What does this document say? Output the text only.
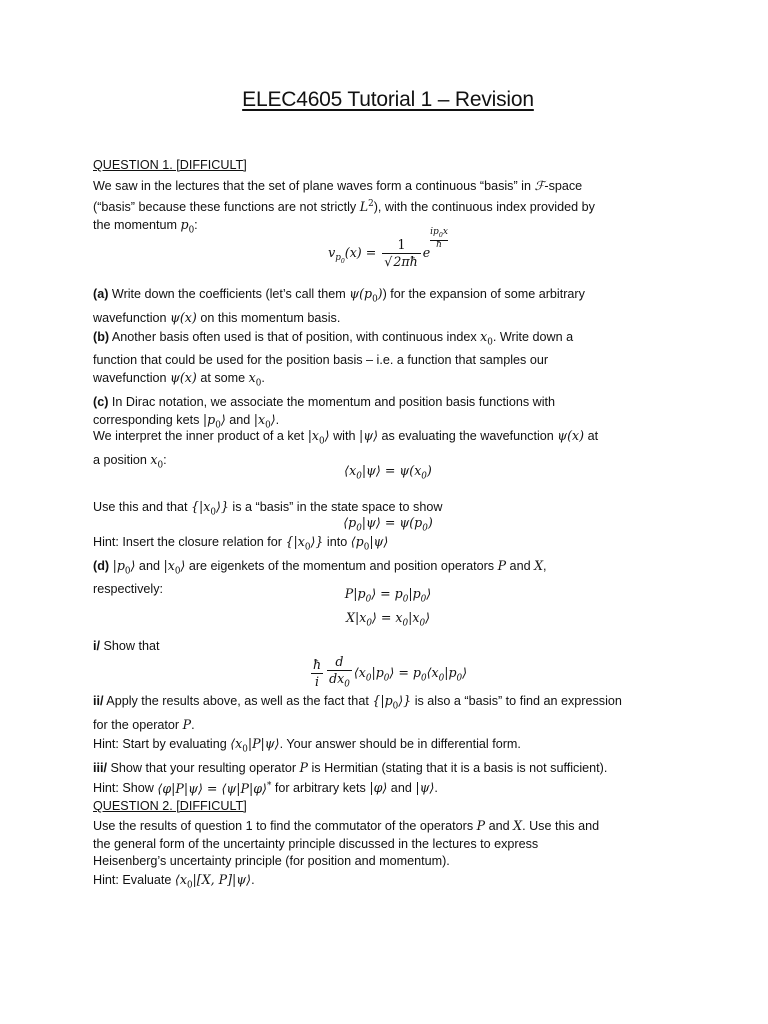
ELEC4605 Tutorial 1 – Revision
QUESTION 1. [DIFFICULT]

We saw in the lectures that the set of plane waves form a continuous “basis” in ℱ-space

(“basis” because these functions are not strictly $L^2$), with the continuous index provided by

the momentum $p_0$:

$v_{p_0}(x) = \frac{1}{√2\pi ħ}$ e
$\frac{ip_0x}{ħ}$

(a) Write down the coefficients (let’s call them $\psi(p_0)$) for the expansion of some arbitrary

wavefunction ψ(x) on this momentum basis.

(b) Another basis often used is that of position, with continuous index $x_0$. Write down a

function that could be used for the position basis – i.e. a function that samples our

wavefunction ψ(x) at some $x_0$.

(c) In Dirac notation, we associate the momentum and position basis functions with

corresponding kets $|p_0⟩$ and $|x_0⟩$.

We interpret the inner product of a ket $|x_0⟩$ with |ψ⟩ as evaluating the wavefunction ψ(x) at

a position $x_0$:

$⟨x_0|\psi⟩ = \psi(x_0)$

Use this and that $\{|x_0⟩\}$ is a “basis” in the state space to show

$⟨p_0|\psi⟩ = \psi(p_0)$

Hint: Insert the closure relation for $\{|x_0⟩\}$ into $⟨p_0|\psi⟩$

(d) $|p_0⟩$ and $|x_0⟩$ are eigenkets of the momentum and position operators P and X,

respectively:	$P|p_0⟩$ = $p_0|p_0⟩$
$X|x_0⟩$ = $x_0|x_0⟩$

i/ Show that

$\frac{ħ}{i} \frac{d}{dx_0}$ $⟨x_0|p_0⟩$ = $p_0⟨x_0|p_0⟩$

ii/ Apply the results above, as well as the fact that $\{|p_0⟩\}$ is also a “basis” to find an expression

for the operator P.

Hint: Start by evaluating $⟨x_0|P|\psi⟩$. Your answer should be in differential form.

iii/ Show that your resulting operator P is Hermitian (stating that it is a basis is not sufficient).

Hint: Show ⟨φ|P|ψ⟩ = ⟨ψ|P|φ⟩* for arbitrary kets |φ⟩ and |ψ⟩.

QUESTION 2. [DIFFICULT]

Use the results of question 1 to find the commutator of the operators P and X. Use this and

the general form of the uncertainty principle discussed in the lectures to express

Heisenberg’s uncertainty principle (for position and momentum).

Hint: Evaluate $⟨x_0|[X$, P]|ψ⟩.
